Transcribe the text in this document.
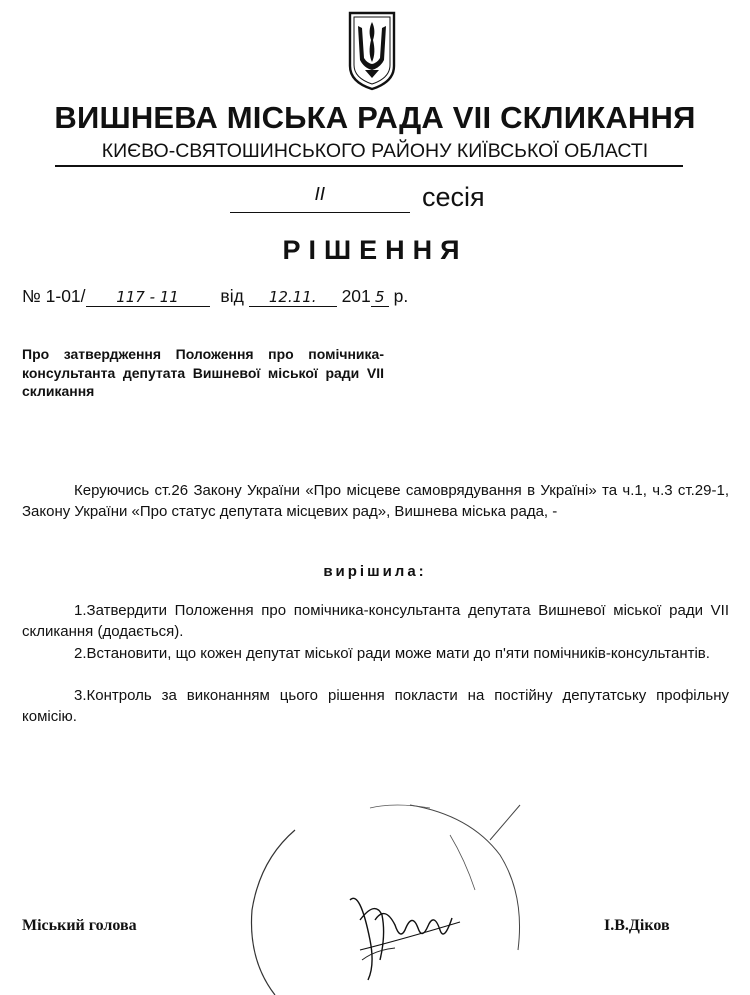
ВИШНЕВА МІСЬКА РАДА VII СКЛИКАННЯ
КИЄВО-СВЯТОШИНСЬКОГО РАЙОНУ КИЇВСЬКОЇ ОБЛАСТІ
II	сесія
РІШЕННЯ
№ 1-01/ 117 - 11 від 12.11. 201 5 р.
Про затвердження Положення про помічника-консультанта депутата Вишневої міської ради VII скликання
Керуючись ст.26 Закону України «Про місцеве самоврядування в Україні» та ч.1, ч.3 ст.29-1, Закону України «Про статус депутата місцевих рад», Вишнева міська рада, -
вирішила:
1.Затвердити Положення про помічника-консультанта депутата Вишневої міської ради VII скликання (додається).
2.Встановити, що кожен депутат міської ради може мати до п'яти помічників-консультантів.
3.Контроль за виконанням цього рішення покласти на постійну депутатську профільну комісію.
Міський голова	І.В.Діков
